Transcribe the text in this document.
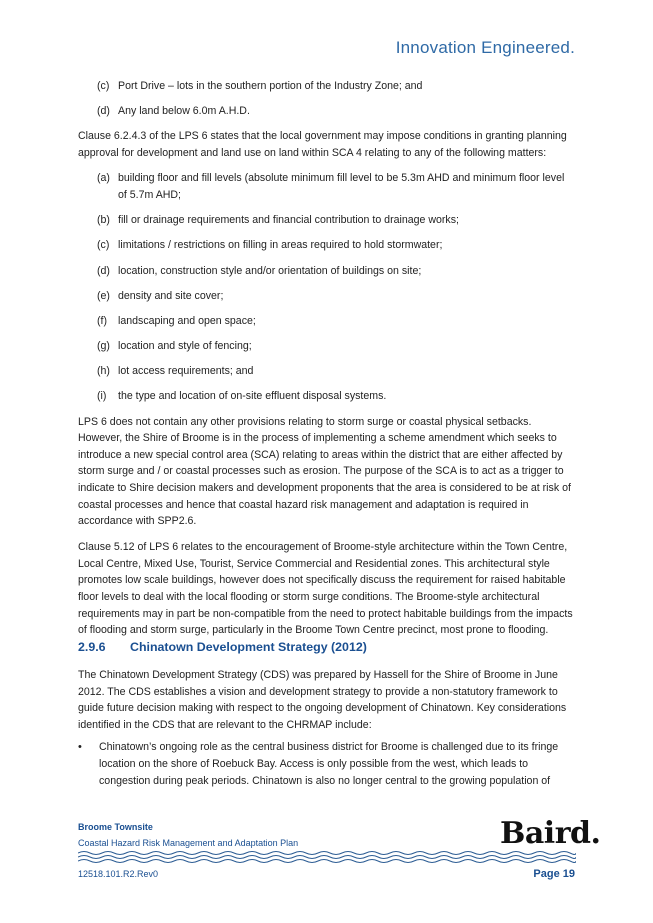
Innovation Engineered.
(c) Port Drive – lots in the southern portion of the Industry Zone; and
(d) Any land below 6.0m A.H.D.

Clause 6.2.4.3 of the LPS 6 states that the local government may impose conditions in granting planning approval for development and land use on land within SCA 4 relating to any of the following matters:

(a) building floor and fill levels (absolute minimum fill level to be 5.3m AHD and minimum floor level of 5.7m AHD;
(b) fill or drainage requirements and financial contribution to drainage works;
(c) limitations / restrictions on filling in areas required to hold stormwater;
(d) location, construction style and/or orientation of buildings on site;
(e) density and site cover;
(f) landscaping and open space;
(g) location and style of fencing;
(h) lot access requirements; and
(i) the type and location of on-site effluent disposal systems.

LPS 6 does not contain any other provisions relating to storm surge or coastal physical setbacks. However, the Shire of Broome is in the process of implementing a scheme amendment which seeks to introduce a new special control area (SCA) relating to areas within the district that are either affected by storm surge and / or coastal processes such as erosion. The purpose of the SCA is to act as a trigger to indicate to Shire decision makers and development proponents that the area is considered to be at risk of coastal processes and hence that coastal hazard risk management and adaptation is required in accordance with SPP2.6.

Clause 5.12 of LPS 6 relates to the encouragement of Broome-style architecture within the Town Centre, Local Centre, Mixed Use, Tourist, Service Commercial and Residential zones. This architectural style promotes low scale buildings, however does not specifically discuss the requirement for raised habitable floor levels to deal with the local flooding or storm surge conditions. The Broome-style architectural requirements may in part be non-compatible from the need to protect habitable buildings from the impacts of flooding and storm surge, particularly in the Broome Town Centre precinct, most prone to flooding.

2.9.6 Chinatown Development Strategy (2012)

The Chinatown Development Strategy (CDS) was prepared by Hassell for the Shire of Broome in June 2012. The CDS establishes a vision and development strategy to provide a non-statutory framework to guide future decision making with respect to the ongoing development of Chinatown. Key considerations identified in the CDS that are relevant to the CHRMAP include:

• Chinatown’s ongoing role as the central business district for Broome is challenged due to its fringe location on the shore of Roebuck Bay. Access is only possible from the west, which leads to congestion during peak periods. Chinatown is also no longer central to the growing population of
Broome Townsite
Coastal Hazard Risk Management and Adaptation Plan	Baird.
12518.101.R2.Rev0	Page 19
